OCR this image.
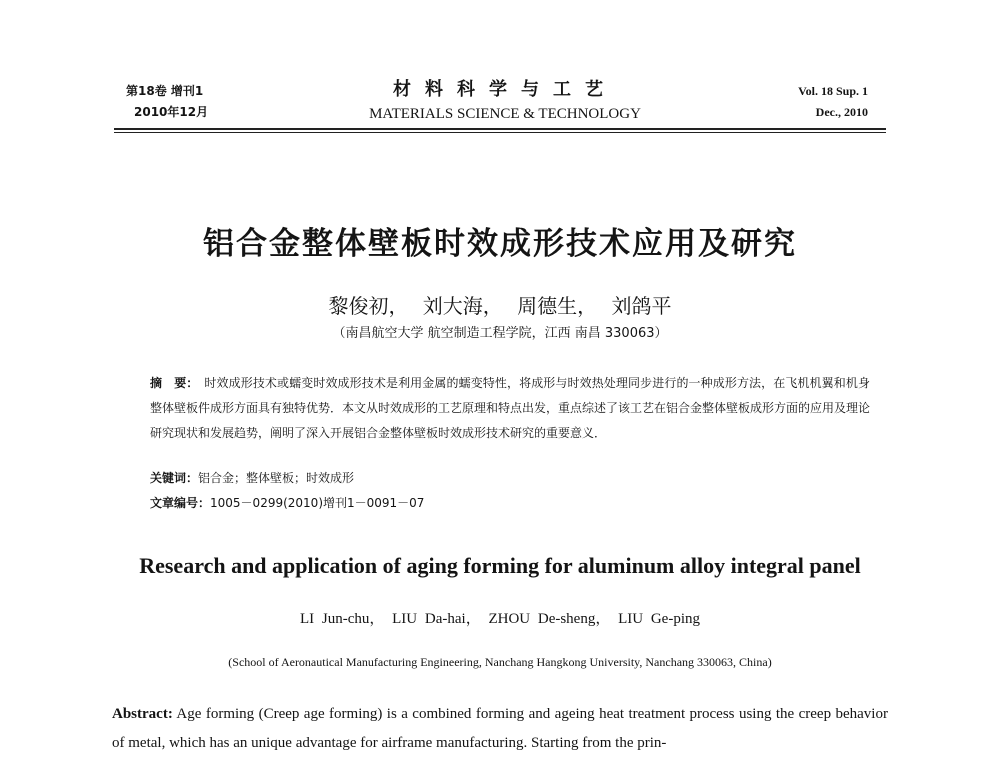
第18卷 增刊1
2010年12月
材料科学与工艺
MATERIALS SCIENCE & TECHNOLOGY
Vol. 18 Sup. 1
Dec., 2010
铝合金整体壁板时效成形技术应用及研究
黎俊初， 刘大海， 周德生， 刘鸽平
（南昌航空大学 航空制造工程学院，江西 南昌 330063）
摘　要： 时效成形技术或蠕变时效成形技术是利用金属的蠕变特性，将成形与时效热处理同步进行的一种成形方法，在飞机机翼和机身整体壁板件成形方面具有独特优势．本文从时效成形的工艺原理和特点出发，重点综述了该工艺在铝合金整体壁板成形方面的应用及理论研究现状和发展趋势，阐明了深入开展铝合金整体壁板时效成形技术研究的重要意义．
关键词：铝合金；整体壁板；时效成形
文章编号：1005－0299(2010)增刊1－0091－07
Research and application of aging forming for aluminum alloy integral panel
LI Jun-chu， LIU Da-hai， ZHOU De-sheng， LIU Ge-ping
(School of Aeronautical Manufacturing Engineering, Nanchang Hangkong University, Nanchang 330063, China)
Abstract: Age forming (Creep age forming) is a combined forming and ageing heat treatment process using the creep behavior of metal, which has an unique advantage for airframe manufacturing. Starting from the prin-
